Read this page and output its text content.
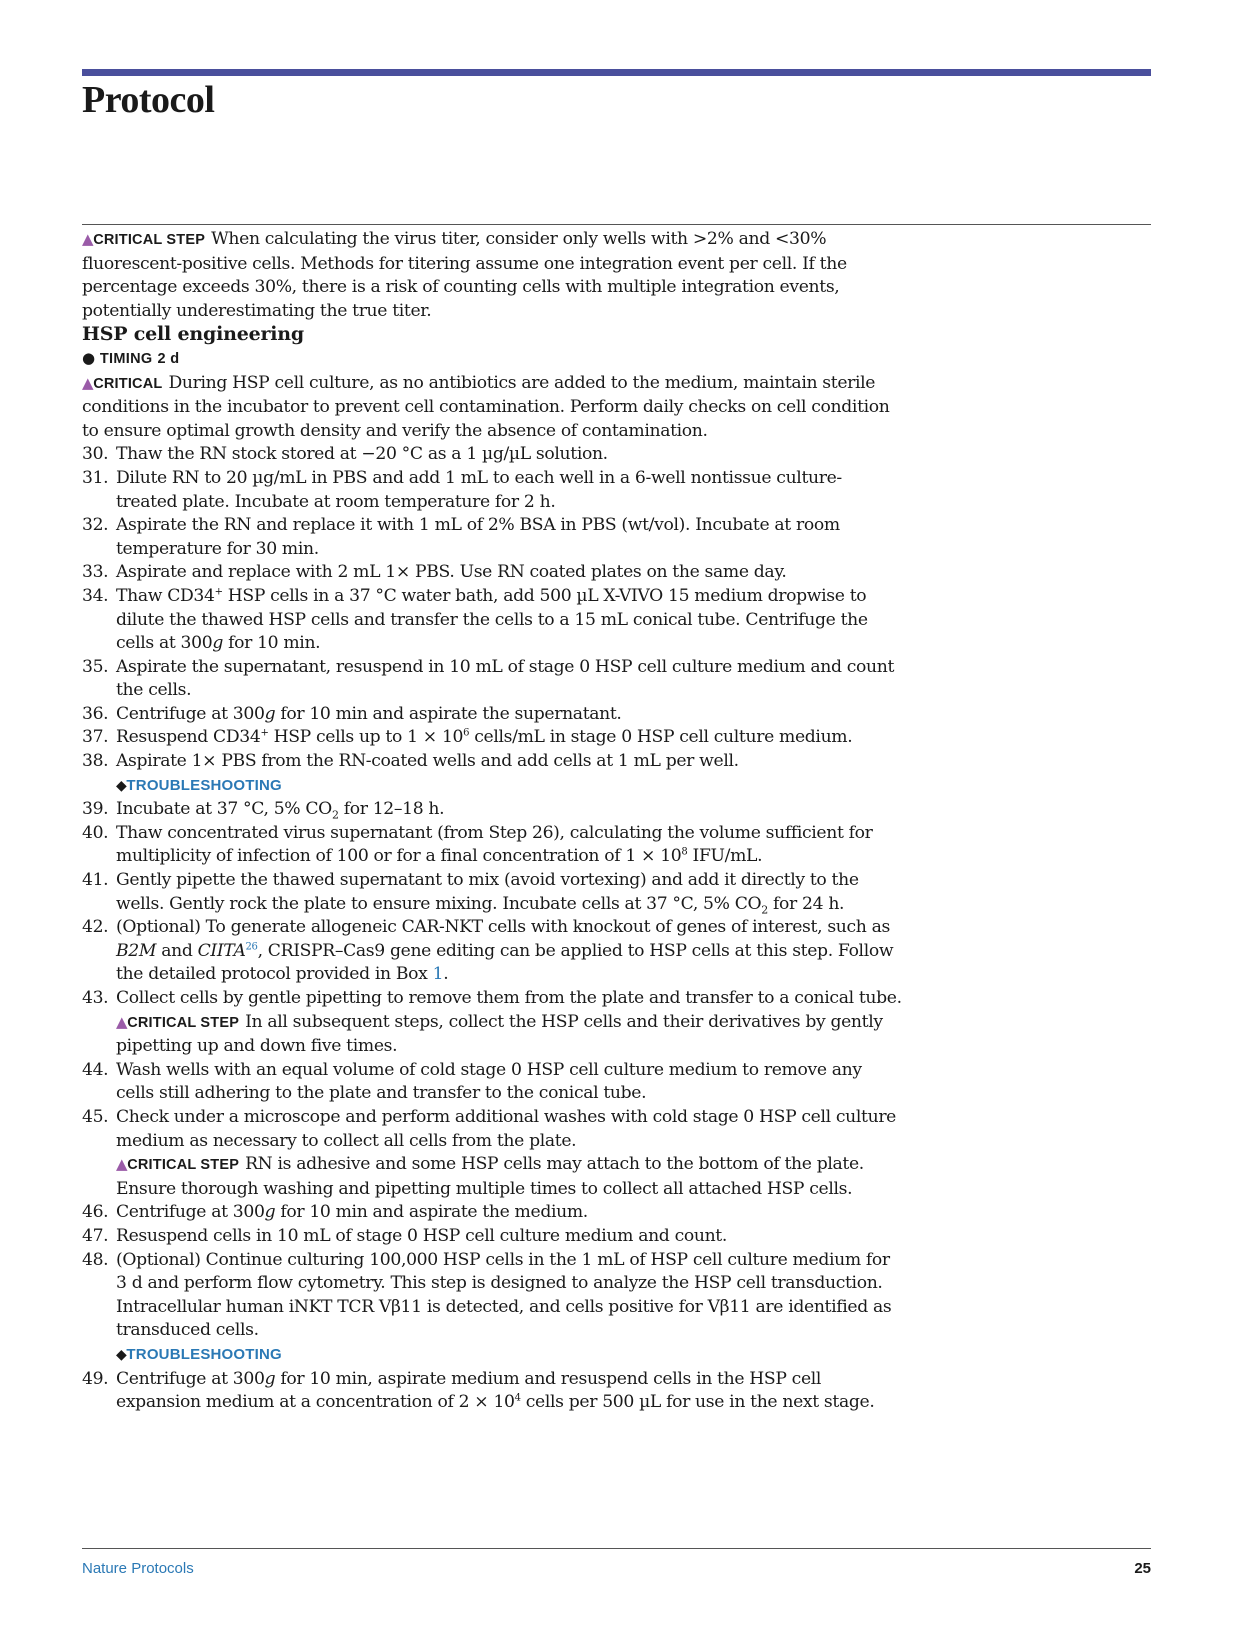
Protocol

▲CRITICAL STEP When calculating the virus titer, consider only wells with >2% and <30% fluorescent-positive cells. Methods for titering assume one integration event per cell. If the percentage exceeds 30%, there is a risk of counting cells with multiple integration events, potentially underestimating the true titer.

HSP cell engineering

● TIMING 2 d

▲CRITICAL During HSP cell culture, as no antibiotics are added to the medium, maintain sterile conditions in the incubator to prevent cell contamination. Perform daily checks on cell condition to ensure optimal growth density and verify the absence of contamination.

30. Thaw the RN stock stored at −20 °C as a 1 µg/µL solution.
31. Dilute RN to 20 µg/mL in PBS and add 1 mL to each well in a 6-well nontissue culture-treated plate. Incubate at room temperature for 2 h.
32. Aspirate the RN and replace it with 1 mL of 2% BSA in PBS (wt/vol). Incubate at room temperature for 30 min.
33. Aspirate and replace with 2 mL 1× PBS. Use RN coated plates on the same day.
34. Thaw CD34+ HSP cells in a 37 °C water bath, add 500 µL X-VIVO 15 medium dropwise to dilute the thawed HSP cells and transfer the cells to a 15 mL conical tube. Centrifuge the cells at 300g for 10 min.
35. Aspirate the supernatant, resuspend in 10 mL of stage 0 HSP cell culture medium and count the cells.
36. Centrifuge at 300g for 10 min and aspirate the supernatant.
37. Resuspend CD34+ HSP cells up to $1 \times 10^6$ cells/mL in stage 0 HSP cell culture medium.
38. Aspirate 1× PBS from the RN-coated wells and add cells at 1 mL per well.
◆TROUBLESHOOTING
39. Incubate at 37 °C, 5% $CO_2$ for 12–18 h.
40. Thaw concentrated virus supernatant (from Step 26), calculating the volume sufficient for multiplicity of infection of 100 or for a final concentration of $1 \times 10^8$ IFU/mL.
41. Gently pipette the thawed supernatant to mix (avoid vortexing) and add it directly to the wells. Gently rock the plate to ensure mixing. Incubate cells at 37 °C, 5% $CO_2$ for 24 h.
42. (Optional) To generate allogeneic CAR-NKT cells with knockout of genes of interest, such as B2M and CIITA$^{26}$, CRISPR–Cas9 gene editing can be applied to HSP cells at this step. Follow the detailed protocol provided in Box 1.
43. Collect cells by gentle pipetting to remove them from the plate and transfer to a conical tube.
▲CRITICAL STEP In all subsequent steps, collect the HSP cells and their derivatives by gently pipetting up and down five times.
44. Wash wells with an equal volume of cold stage 0 HSP cell culture medium to remove any cells still adhering to the plate and transfer to the conical tube.
45. Check under a microscope and perform additional washes with cold stage 0 HSP cell culture medium as necessary to collect all cells from the plate.
▲CRITICAL STEP RN is adhesive and some HSP cells may attach to the bottom of the plate. Ensure thorough washing and pipetting multiple times to collect all attached HSP cells.
46. Centrifuge at 300g for 10 min and aspirate the medium.
47. Resuspend cells in 10 mL of stage 0 HSP cell culture medium and count.
48. (Optional) Continue culturing 100,000 HSP cells in the 1 mL of HSP cell culture medium for 3 d and perform flow cytometry. This step is designed to analyze the HSP cell transduction. Intracellular human iNKT TCR Vβ11 is detected, and cells positive for Vβ11 are identified as transduced cells.
◆TROUBLESHOOTING
49. Centrifuge at 300g for 10 min, aspirate medium and resuspend cells in the HSP cell expansion medium at a concentration of $2 \times 10^4$ cells per 500 µL for use in the next stage.
Nature Protocols	25
